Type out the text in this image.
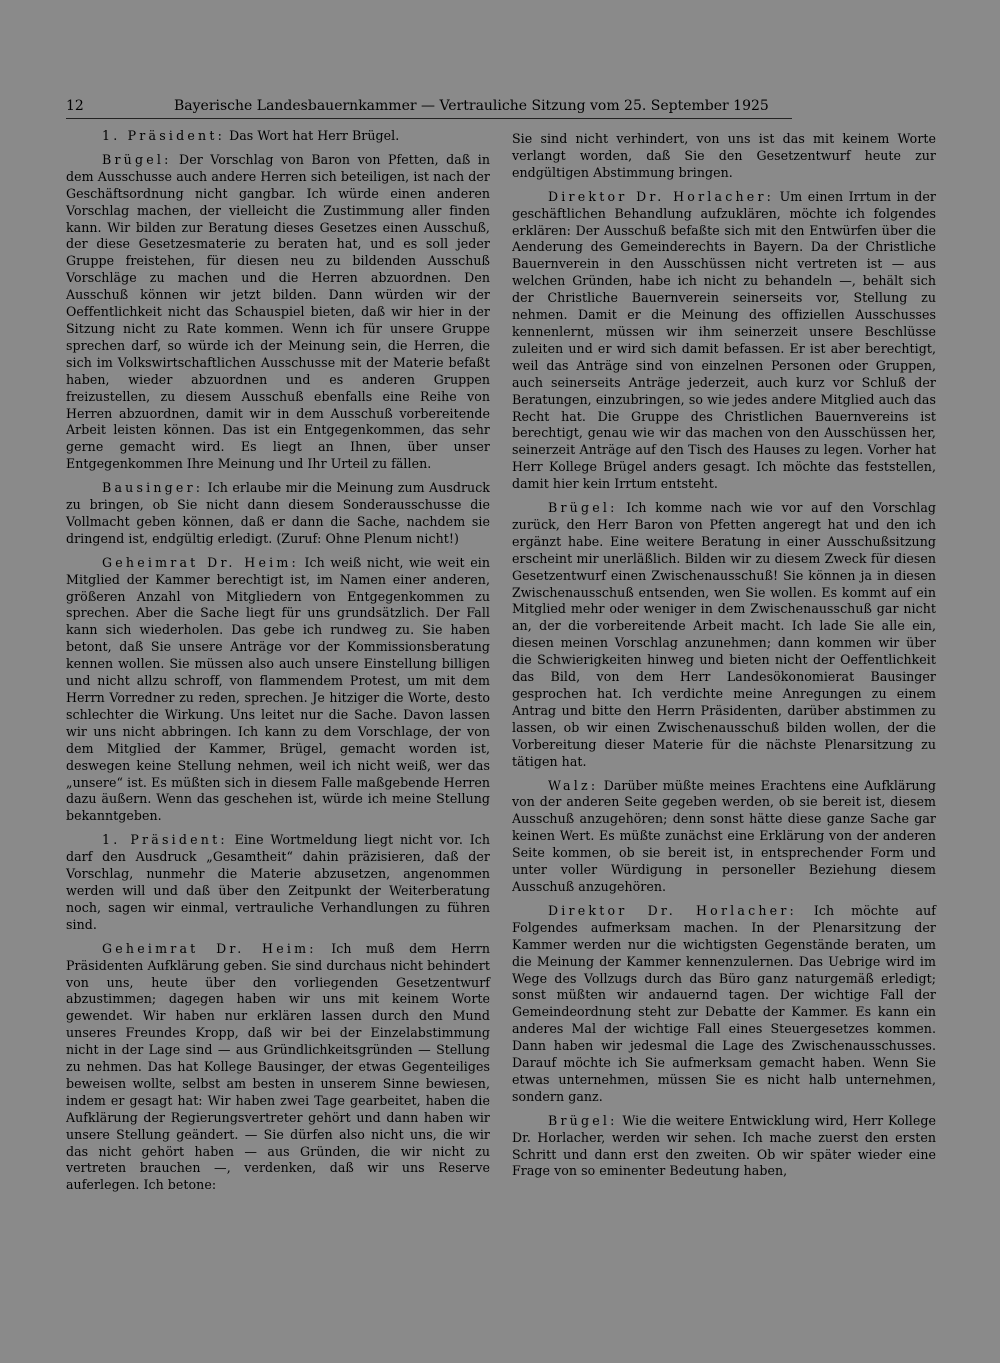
12	Bayerische Landesbauernkammer — Vertrauliche Sitzung vom 25. September 1925

1. Präsident: Das Wort hat Herr Brügel.

Brügel: Der Vorschlag von Baron von Pfetten, daß in dem Ausschusse auch andere Herren sich beteiligen, ist nach der Geschäftsordnung nicht gangbar. Ich würde einen anderen Vorschlag machen, der vielleicht die Zustimmung aller finden kann. Wir bilden zur Beratung dieses Gesetzes einen Ausschuß, der diese Gesetzesmaterie zu beraten hat, und es soll jeder Gruppe freistehen, für diesen neu zu bildenden Ausschuß Vorschläge zu machen und die Herren abzuordnen. Den Ausschuß können wir jetzt bilden. Dann würden wir der Oeffentlichkeit nicht das Schauspiel bieten, daß wir hier in der Sitzung nicht zu Rate kommen. Wenn ich für unsere Gruppe sprechen darf, so würde ich der Meinung sein, die Herren, die sich im Volkswirtschaftlichen Ausschusse mit der Materie befaßt haben, wieder abzuordnen und es anderen Gruppen freizustellen, zu diesem Ausschuß ebenfalls eine Reihe von Herren abzuordnen, damit wir in dem Ausschuß vorbereitende Arbeit leisten können. Das ist ein Entgegenkommen, das sehr gerne gemacht wird. Es liegt an Ihnen, über unser Entgegenkommen Ihre Meinung und Ihr Urteil zu fällen.

Bausinger: Ich erlaube mir die Meinung zum Ausdruck zu bringen, ob Sie nicht dann diesem Sonderausschusse die Vollmacht geben können, daß er dann die Sache, nachdem sie dringend ist, endgültig erledigt. (Zuruf: Ohne Plenum nicht!)

Geheimrat Dr. Heim: Ich weiß nicht, wie weit ein Mitglied der Kammer berechtigt ist, im Namen einer anderen, größeren Anzahl von Mitgliedern von Entgegenkommen zu sprechen. Aber die Sache liegt für uns grundsätzlich. Der Fall kann sich wiederholen. Das gebe ich rundweg zu. Sie haben betont, daß Sie unsere Anträge vor der Kommissionsberatung kennen wollen. Sie müssen also auch unsere Einstellung billigen und nicht allzu schroff, von flammendem Protest, um mit dem Herrn Vorredner zu reden, sprechen. Je hitziger die Worte, desto schlechter die Wirkung. Uns leitet nur die Sache. Davon lassen wir uns nicht abbringen. Ich kann zu dem Vorschlage, der von dem Mitglied der Kammer, Brügel, gemacht worden ist, deswegen keine Stellung nehmen, weil ich nicht weiß, wer das „unsere“ ist. Es müßten sich in diesem Falle maßgebende Herren dazu äußern. Wenn das geschehen ist, würde ich meine Stellung bekanntgeben.

1. Präsident: Eine Wortmeldung liegt nicht vor. Ich darf den Ausdruck „Gesamtheit“ dahin präzisieren, daß der Vorschlag, nunmehr die Materie abzusetzen, angenommen werden will und daß über den Zeitpunkt der Weiterberatung noch, sagen wir einmal, vertrauliche Verhandlungen zu führen sind.

Geheimrat Dr. Heim: Ich muß dem Herrn Präsidenten Aufklärung geben. Sie sind durchaus nicht behindert von uns, heute über den vorliegenden Gesetzentwurf abzustimmen; dagegen haben wir uns mit keinem Worte gewendet. Wir haben nur erklären lassen durch den Mund unseres Freundes Kropp, daß wir bei der Einzelabstimmung nicht in der Lage sind — aus Gründlichkeitsgründen — Stellung zu nehmen. Das hat Kollege Bausinger, der etwas Gegenteiliges beweisen wollte, selbst am besten in unserem Sinne bewiesen, indem er gesagt hat: Wir haben zwei Tage gearbeitet, haben die Aufklärung der Regierungsvertreter gehört und dann haben wir unsere Stellung geändert. — Sie dürfen also nicht uns, die wir das nicht gehört haben — aus Gründen, die wir nicht zu vertreten brauchen —, verdenken, daß wir uns Reserve auferlegen. Ich betone:

Sie sind nicht verhindert, von uns ist das mit keinem Worte verlangt worden, daß Sie den Gesetzentwurf heute zur endgültigen Abstimmung bringen.

Direktor Dr. Horlacher: Um einen Irrtum in der geschäftlichen Behandlung aufzuklären, möchte ich folgendes erklären: Der Ausschuß befaßte sich mit den Entwürfen über die Aenderung des Gemeinderechts in Bayern. Da der Christliche Bauernverein in den Ausschüssen nicht vertreten ist — aus welchen Gründen, habe ich nicht zu behandeln —, behält sich der Christliche Bauernverein seinerseits vor, Stellung zu nehmen. Damit er die Meinung des offiziellen Ausschusses kennenlernt, müssen wir ihm seinerzeit unsere Beschlüsse zuleiten und er wird sich damit befassen. Er ist aber berechtigt, weil das Anträge sind von einzelnen Personen oder Gruppen, auch seinerseits Anträge jederzeit, auch kurz vor Schluß der Beratungen, einzubringen, so wie jedes andere Mitglied auch das Recht hat. Die Gruppe des Christlichen Bauernvereins ist berechtigt, genau wie wir das machen von den Ausschüssen her, seinerzeit Anträge auf den Tisch des Hauses zu legen. Vorher hat Herr Kollege Brügel anders gesagt. Ich möchte das feststellen, damit hier kein Irrtum entsteht.

Brügel: Ich komme nach wie vor auf den Vorschlag zurück, den Herr Baron von Pfetten angeregt hat und den ich ergänzt habe. Eine weitere Beratung in einer Ausschußsitzung erscheint mir unerläßlich. Bilden wir zu diesem Zweck für diesen Gesetzentwurf einen Zwischenausschuß! Sie können ja in diesen Zwischenausschuß entsenden, wen Sie wollen. Es kommt auf ein Mitglied mehr oder weniger in dem Zwischenausschuß gar nicht an, der die vorbereitende Arbeit macht. Ich lade Sie alle ein, diesen meinen Vorschlag anzunehmen; dann kommen wir über die Schwierigkeiten hinweg und bieten nicht der Oeffentlichkeit das Bild, von dem Herr Landesökonomierat Bausinger gesprochen hat. Ich verdichte meine Anregungen zu einem Antrag und bitte den Herrn Präsidenten, darüber abstimmen zu lassen, ob wir einen Zwischenausschuß bilden wollen, der die Vorbereitung dieser Materie für die nächste Plenarsitzung zu tätigen hat.

Walz: Darüber müßte meines Erachtens eine Aufklärung von der anderen Seite gegeben werden, ob sie bereit ist, diesem Ausschuß anzugehören; denn sonst hätte diese ganze Sache gar keinen Wert. Es müßte zunächst eine Erklärung von der anderen Seite kommen, ob sie bereit ist, in entsprechender Form und unter voller Würdigung in personeller Beziehung diesem Ausschuß anzugehören.

Direktor Dr. Horlacher: Ich möchte auf Folgendes aufmerksam machen. In der Plenarsitzung der Kammer werden nur die wichtigsten Gegenstände beraten, um die Meinung der Kammer kennenzulernen. Das Uebrige wird im Wege des Vollzugs durch das Büro ganz naturgemäß erledigt; sonst müßten wir andauernd tagen. Der wichtige Fall der Gemeindeordnung steht zur Debatte der Kammer. Es kann ein anderes Mal der wichtige Fall eines Steuergesetzes kommen. Dann haben wir jedesmal die Lage des Zwischenausschusses. Darauf möchte ich Sie aufmerksam gemacht haben. Wenn Sie etwas unternehmen, müssen Sie es nicht halb unternehmen, sondern ganz.

Brügel: Wie die weitere Entwicklung wird, Herr Kollege Dr. Horlacher, werden wir sehen. Ich mache zuerst den ersten Schritt und dann erst den zweiten. Ob wir später wieder eine Frage von so eminenter Bedeutung haben,
